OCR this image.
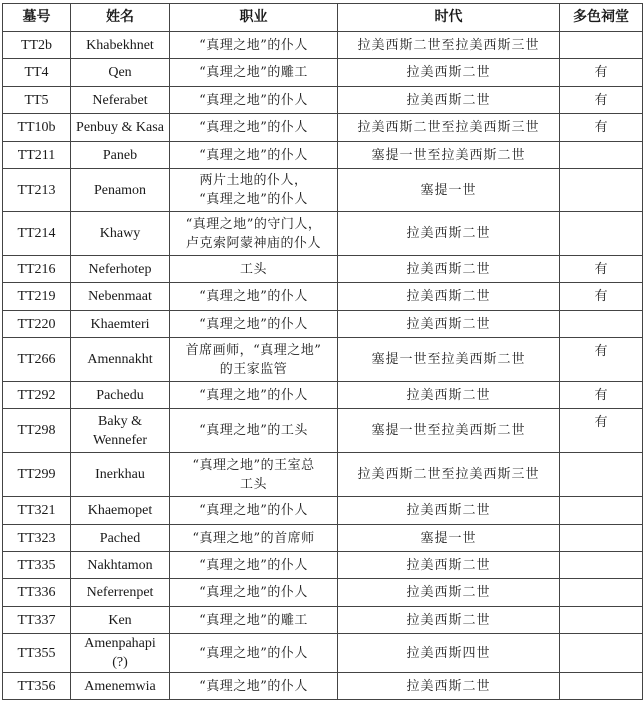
墓号	姓名	职业	时代	多色祠堂
TT2b	Khabekhnet	“真理之地”的仆人	拉美西斯二世至拉美西斯三世	
TT4	Qen	“真理之地”的雕工	拉美西斯二世	有
TT5	Neferabet	“真理之地”的仆人	拉美西斯二世	有
TT10b	Penbuy & Kasa	“真理之地”的仆人	拉美西斯二世至拉美西斯三世	有
TT211	Paneb	“真理之地”的仆人	塞提一世至拉美西斯二世	
TT213	Penamon	两片土地的仆人，
“真理之地”的仆人	塞提一世	
TT214	Khawy	“真理之地”的守门人，
卢克索阿蒙神庙的仆人	拉美西斯二世	
TT216	Neferhotep	工头	拉美西斯二世	有
TT219	Nebenmaat	“真理之地”的仆人	拉美西斯二世	有
TT220	Khaemteri	“真理之地”的仆人	拉美西斯二世	
TT266	Amennakht	首席画师，“真理之地”
的王家监管	塞提一世至拉美西斯二世	有
TT292	Pachedu	“真理之地”的仆人	拉美西斯二世	有
TT298	Baky &
Wennefer	“真理之地”的工头	塞提一世至拉美西斯二世	有
TT299	Inerkhau	“真理之地”的王室总
工头	拉美西斯二世至拉美西斯三世	
TT321	Khaemopet	“真理之地”的仆人	拉美西斯二世	
TT323	Pached	“真理之地”的首席师	塞提一世	
TT335	Nakhtamon	“真理之地”的仆人	拉美西斯二世	
TT336	Neferrenpet	“真理之地”的仆人	拉美西斯二世	
TT337	Ken	“真理之地”的雕工	拉美西斯二世	
TT355	Amenpahapi (?)	“真理之地”的仆人	拉美西斯四世	
TT356	Amenemwia	“真理之地”的仆人	拉美西斯二世	
